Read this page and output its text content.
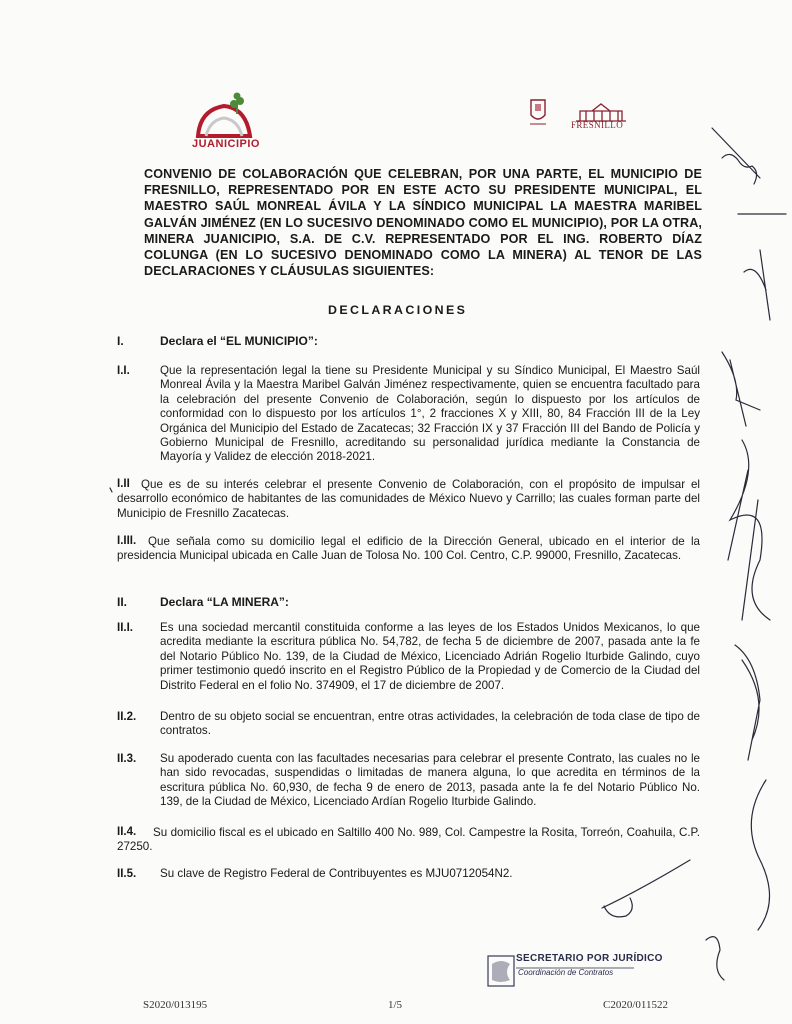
JUANICIPIO
FRESNILLO
CONVENIO DE COLABORACIÓN QUE CELEBRAN, POR UNA PARTE, EL MUNICIPIO DE FRESNILLO, REPRESENTADO POR EN ESTE ACTO SU PRESIDENTE MUNICIPAL, EL MAESTRO SAÚL MONREAL ÁVILA Y LA SÍNDICO MUNICIPAL LA MAESTRA MARIBEL GALVÁN JIMÉNEZ (EN LO SUCESIVO DENOMINADO COMO EL MUNICIPIO), POR LA OTRA, MINERA JUANICIPIO, S.A. DE C.V. REPRESENTADO POR EL ING. ROBERTO DÍAZ COLUNGA (EN LO SUCESIVO DENOMINADO COMO LA MINERA) AL TENOR DE LAS DECLARACIONES Y CLÁUSULAS SIGUIENTES:
DECLARACIONES
I.	Declara el “EL MUNICIPIO”:
I.I.	Que la representación legal la tiene su Presidente Municipal y su Síndico Municipal, El Maestro Saúl Monreal Ávila y la Maestra Maribel Galván Jiménez respectivamente, quien se encuentra facultado para la celebración del presente Convenio de Colaboración, según lo dispuesto por los artículos de conformidad con lo dispuesto por los artículos 1°, 2 fracciones X y XIII, 80, 84 Fracción III de la Ley Orgánica del Municipio del Estado de Zacatecas; 32 Fracción IX y 37 Fracción III del Bando de Policía y Gobierno Municipal de Fresnillo, acreditando su personalidad jurídica mediante la Constancia de Mayoría y Validez de elección 2018-2021.
I.II Que es de su interés celebrar el presente Convenio de Colaboración, con el propósito de impulsar el desarrollo económico de habitantes de las comunidades de México Nuevo y Carrillo; las cuales forman parte del Municipio de Fresnillo Zacatecas.
I.III.	Que señala como su domicilio legal el edificio de la Dirección General, ubicado en el interior de la presidencia Municipal ubicada en Calle Juan de Tolosa No. 100 Col. Centro, C.P. 99000, Fresnillo, Zacatecas.
II.	Declara “LA MINERA”:
II.I. Es una sociedad mercantil constituida conforme a las leyes de los Estados Unidos Mexicanos, lo que acredita mediante la escritura pública No. 54,782, de fecha 5 de diciembre de 2007, pasada ante la fe del Notario Público No. 139, de la Ciudad de México, Licenciado Adrián Rogelio Iturbide Galindo, cuyo primer testimonio quedó inscrito en el Registro Público de la Propiedad y de Comercio de la Ciudad del Distrito Federal en el folio No. 374909, el 17 de diciembre de 2007.
II.2. Dentro de su objeto social se encuentran, entre otras actividades, la celebración de toda clase de tipo de contratos.
II.3. Su apoderado cuenta con las facultades necesarias para celebrar el presente Contrato, las cuales no le han sido revocadas, suspendidas o limitadas de manera alguna, lo que acredita en términos de la escritura pública No. 60,930, de fecha 9 de enero de 2013, pasada ante la fe del Notario Público No. 139, de la Ciudad de México, Licenciado Ardían Rogelio Iturbide Galindo.
II.4.	Su domicilio fiscal es el ubicado en Saltillo 400 No. 989, Col. Campestre la Rosita, Torreón, Coahuila, C.P. 27250.
II.5. Su clave de Registro Federal de Contribuyentes es MJU0712054N2.
SECRETARIO POR JURÍDICO
Coordinación de Contratos
S2020/013195	1/5	C2020/011522
